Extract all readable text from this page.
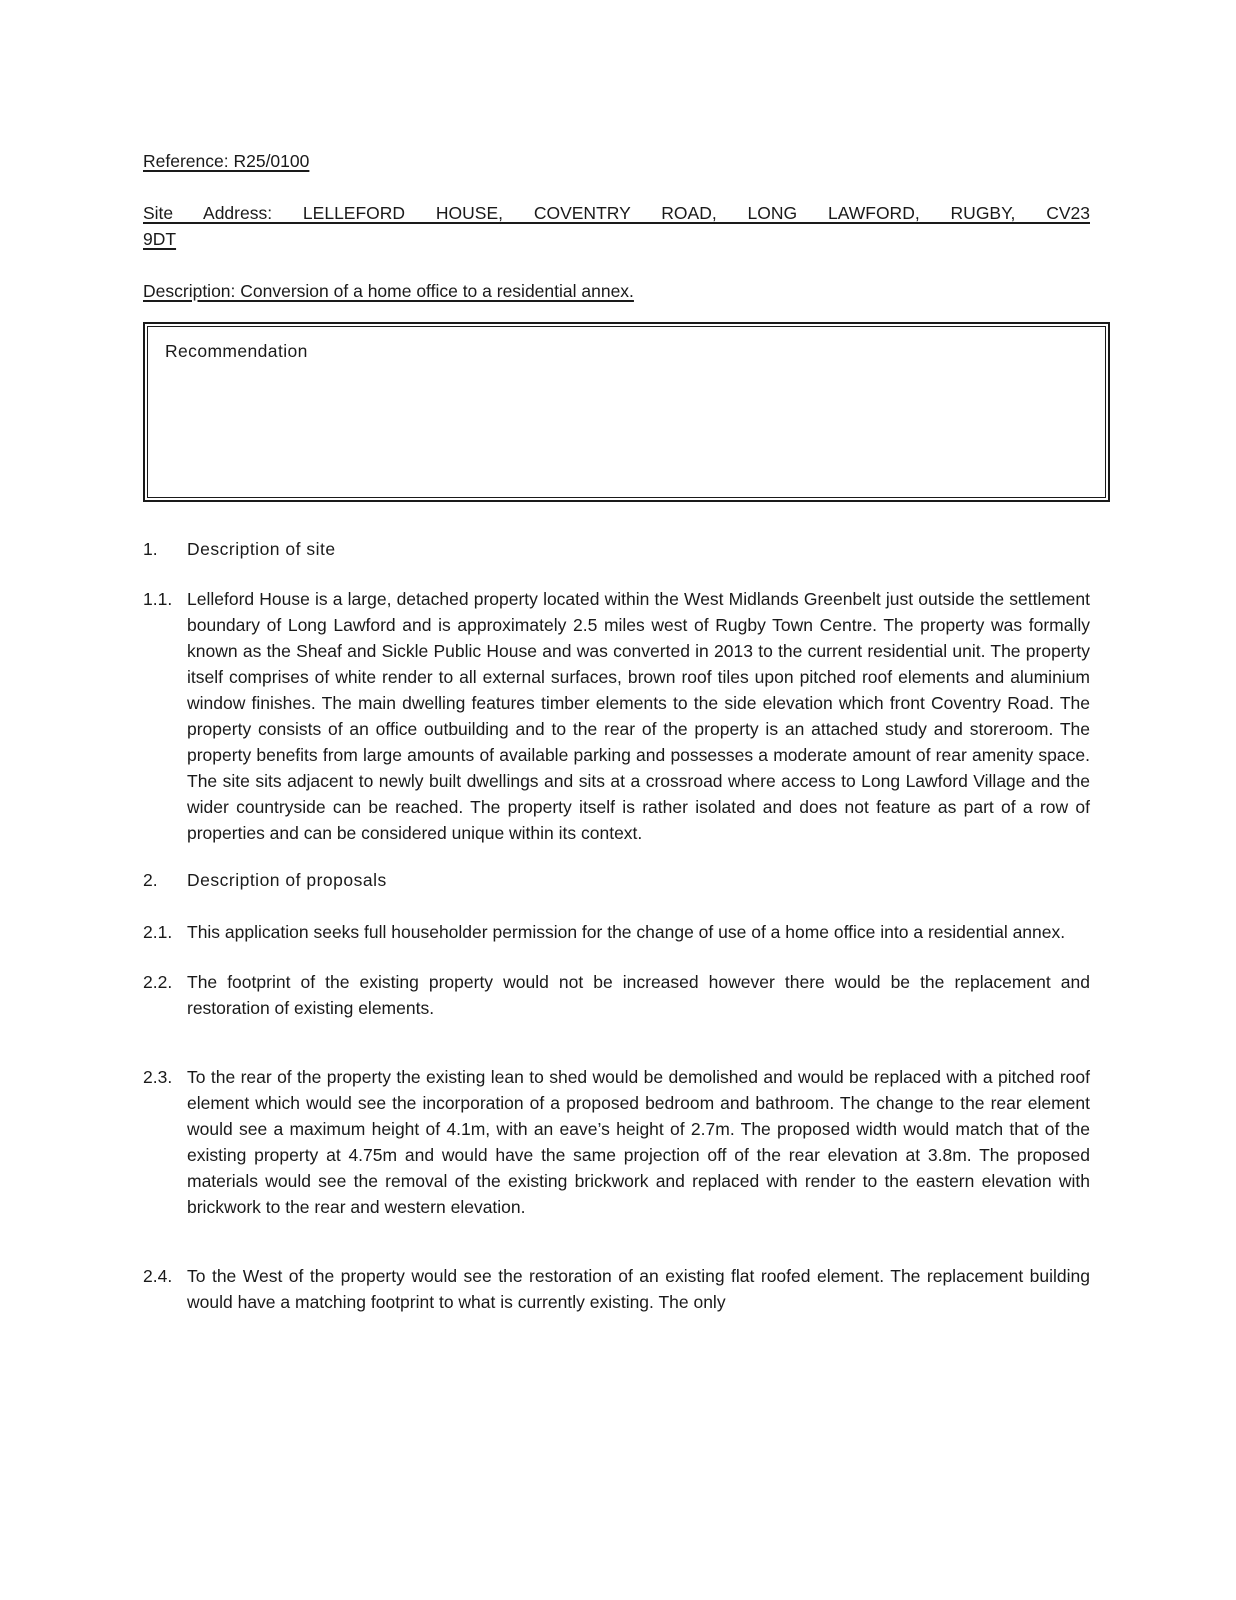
Reference: R25/0100
Site Address: LELLEFORD HOUSE, COVENTRY ROAD, LONG LAWFORD, RUGBY, CV23
9DT
Description: Conversion of a home office to a residential annex.
Recommendation
1.	Description of site
1.1. Lelleford House is a large, detached property located within the West Midlands Greenbelt just outside the settlement boundary of Long Lawford and is approximately 2.5 miles west of Rugby Town Centre. The property was formally known as the Sheaf and Sickle Public House and was converted in 2013 to the current residential unit. The property itself comprises of white render to all external surfaces, brown roof tiles upon pitched roof elements and aluminium window finishes. The main dwelling features timber elements to the side elevation which front Coventry Road. The property consists of an office outbuilding and to the rear of the property is an attached study and storeroom. The property benefits from large amounts of available parking and possesses a moderate amount of rear amenity space. The site sits adjacent to newly built dwellings and sits at a crossroad where access to Long Lawford Village and the wider countryside can be reached. The property itself is rather isolated and does not feature as part of a row of properties and can be considered unique within its context.
2.	Description of proposals
2.1. This application seeks full householder permission for the change of use of a home office into a residential annex.
2.2. The footprint of the existing property would not be increased however there would be the replacement and restoration of existing elements.
2.3. To the rear of the property the existing lean to shed would be demolished and would be replaced with a pitched roof element which would see the incorporation of a proposed bedroom and bathroom. The change to the rear element would see a maximum height of 4.1m, with an eave’s height of 2.7m. The proposed width would match that of the existing property at 4.75m and would have the same projection off of the rear elevation at 3.8m. The proposed materials would see the removal of the existing brickwork and replaced with render to the eastern elevation with brickwork to the rear and western elevation.
2.4. To the West of the property would see the restoration of an existing flat roofed element. The replacement building would have a matching footprint to what is currently existing. The only
